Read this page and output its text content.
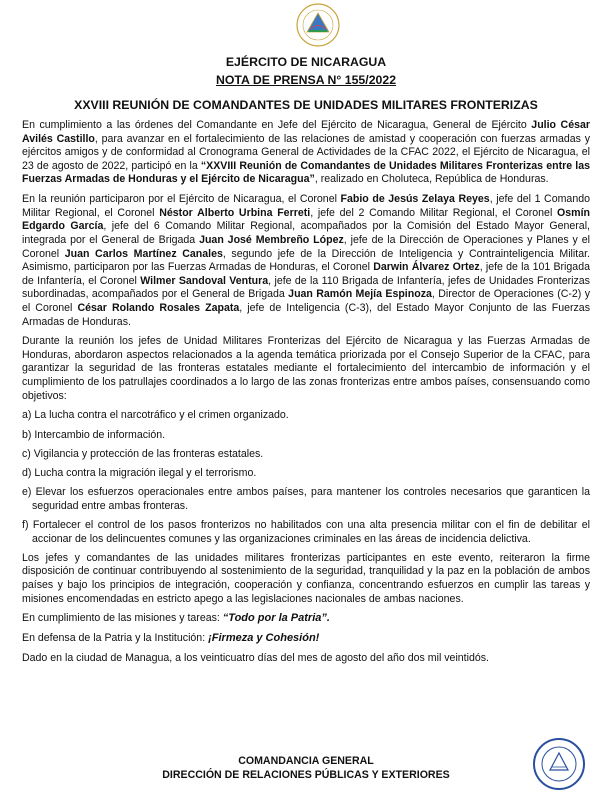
EJÉRCITO DE NICARAGUA
NOTA DE PRENSA N° 155/2022
XXVIII REUNIÓN DE COMANDANTES DE UNIDADES MILITARES FRONTERIZAS

En cumplimiento a las órdenes del Comandante en Jefe del Ejército de Nicaragua, General de Ejército Julio César Avilés Castillo, para avanzar en el fortalecimiento de las relaciones de amistad y cooperación con fuerzas armadas y ejércitos amigos y de conformidad al Cronograma General de Actividades de la CFAC 2022, el Ejército de Nicaragua, el 23 de agosto de 2022, participó en la “XXVIII Reunión de Comandantes de Unidades Militares Fronterizas entre las Fuerzas Armadas de Honduras y el Ejército de Nicaragua”, realizado en Choluteca, República de Honduras.

En la reunión participaron por el Ejército de Nicaragua, el Coronel Fabio de Jesús Zelaya Reyes, jefe del 1 Comando Militar Regional, el Coronel Néstor Alberto Urbina Ferreti, jefe del 2 Comando Militar Regional, el Coronel Osmín Edgardo García, jefe del 6 Comando Militar Regional, acompañados por la Comisión del Estado Mayor General, integrada por el General de Brigada Juan José Membreño López, jefe de la Dirección de Operaciones y Planes y el Coronel Juan Carlos Martínez Canales, segundo jefe de la Dirección de Inteligencia y Contrainteligencia Militar. Asimismo, participaron por las Fuerzas Armadas de Honduras, el Coronel Darwin Álvarez Ortez, jefe de la 101 Brigada de Infantería, el Coronel Wilmer Sandoval Ventura, jefe de la 110 Brigada de Infantería, jefes de Unidades Fronterizas subordinadas, acompañados por el General de Brigada Juan Ramón Mejía Espinoza, Director de Operaciones (C-2) y el Coronel César Rolando Rosales Zapata, jefe de Inteligencia (C-3), del Estado Mayor Conjunto de las Fuerzas Armadas de Honduras.

Durante la reunión los jefes de Unidad Militares Fronterizas del Ejército de Nicaragua y las Fuerzas Armadas de Honduras, abordaron aspectos relacionados a la agenda temática priorizada por el Consejo Superior de la CFAC, para garantizar la seguridad de las fronteras estatales mediante el fortalecimiento del intercambio de información y el cumplimiento de los patrullajes coordinados a lo largo de las zonas fronterizas entre ambos países, consensuando como objetivos:

a) La lucha contra el narcotráfico y el crimen organizado.

b) Intercambio de información.

c) Vigilancia y protección de las fronteras estatales.

d) Lucha contra la migración ilegal y el terrorismo.

e) Elevar los esfuerzos operacionales entre ambos países, para mantener los controles necesarios que garanticen la seguridad entre ambas fronteras.

f) Fortalecer el control de los pasos fronterizos no habilitados con una alta presencia militar con el fin de debilitar el accionar de los delincuentes comunes y las organizaciones criminales en las áreas de incidencia delictiva.

Los jefes y comandantes de las unidades militares fronterizas participantes en este evento, reiteraron la firme disposición de continuar contribuyendo al sostenimiento de la seguridad, tranquilidad y la paz en la población de ambos países y bajo los principios de integración, cooperación y confianza, concentrando esfuerzos en cumplir las tareas y misiones encomendadas en estricto apego a las legislaciones nacionales de ambas naciones.

En cumplimiento de las misiones y tareas: “Todo por la Patria”.

En defensa de la Patria y la Institución: ¡Firmeza y Cohesión!

Dado en la ciudad de Managua, a los veinticuatro días del mes de agosto del año dos mil veintidós.

COMANDANCIA GENERAL
DIRECCIÓN DE RELACIONES PÚBLICAS Y EXTERIORES
